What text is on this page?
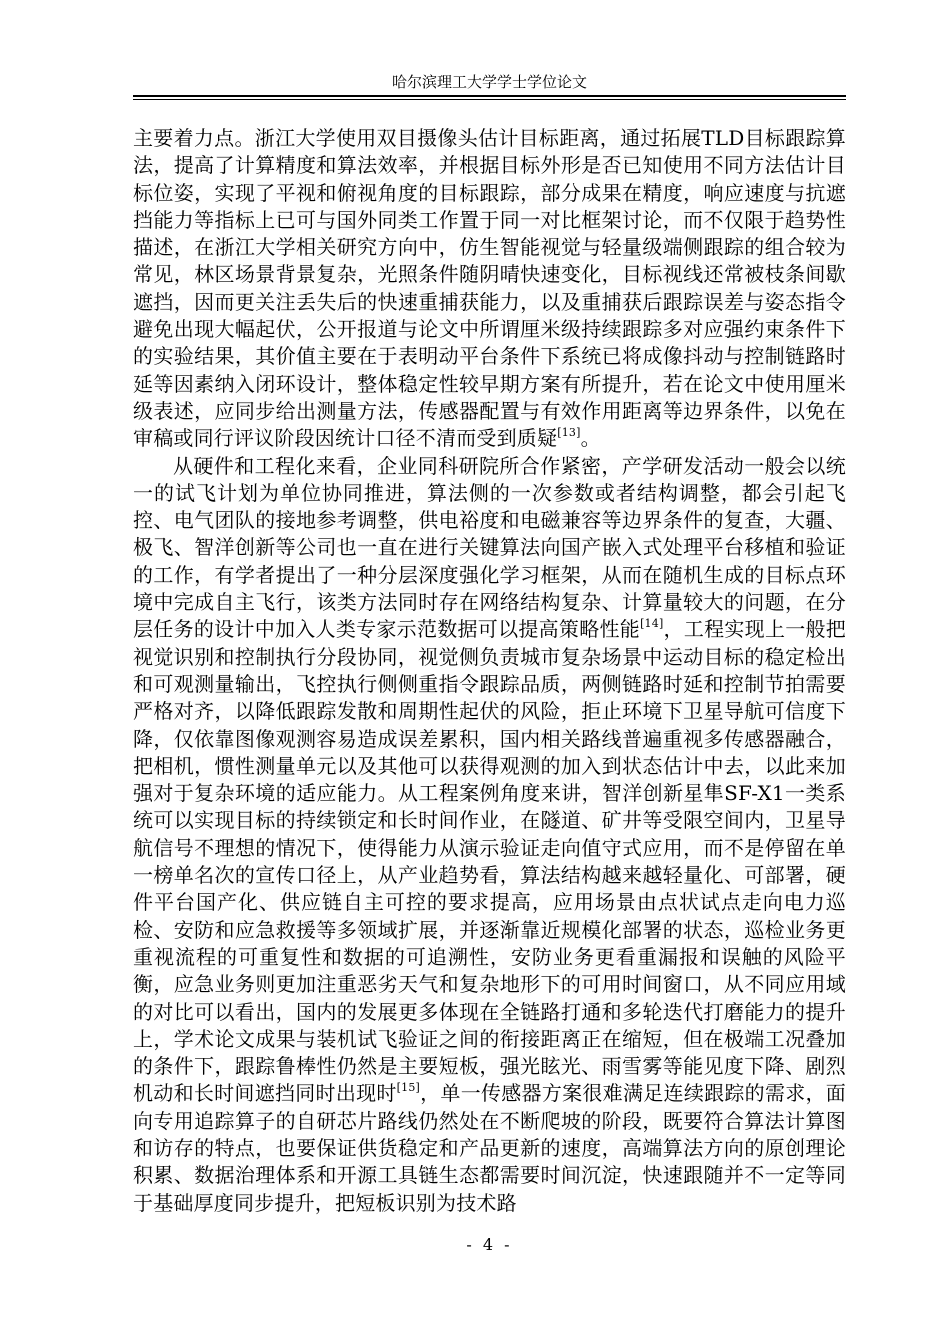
哈尔滨理工大学学士学位论文

主要着力点。浙江大学使用双目摄像头估计目标距离，通过拓展TLD目标跟踪算法，提高了计算精度和算法效率，并根据目标外形是否已知使用不同方法估计目标位姿，实现了平视和俯视角度的目标跟踪，部分成果在精度，响应速度与抗遮挡能力等指标上已可与国外同类工作置于同一对比框架讨论，而不仅限于趋势性描述，在浙江大学相关研究方向中，仿生智能视觉与轻量级端侧跟踪的组合较为常见，林区场景背景复杂，光照条件随阴晴快速变化，目标视线还常被枝条间歇遮挡，因而更关注丢失后的快速重捕获能力，以及重捕获后跟踪误差与姿态指令避免出现大幅起伏，公开报道与论文中所谓厘米级持续跟踪多对应强约束条件下的实验结果，其价值主要在于表明动平台条件下系统已将成像抖动与控制链路时延等因素纳入闭环设计，整体稳定性较早期方案有所提升，若在论文中使用厘米级表述，应同步给出测量方法，传感器配置与有效作用距离等边界条件，以免在审稿或同行评议阶段因统计口径不清而受到质疑[13]。

从硬件和工程化来看，企业同科研院所合作紧密，产学研发活动一般会以统一的试飞计划为单位协同推进，算法侧的一次参数或者结构调整，都会引起飞控、电气团队的接地参考调整，供电裕度和电磁兼容等边界条件的复查，大疆、极飞、智洋创新等公司也一直在进行关键算法向国产嵌入式处理平台移植和验证的工作，有学者提出了一种分层深度强化学习框架，从而在随机生成的目标点环境中完成自主飞行，该类方法同时存在网络结构复杂、计算量较大的问题，在分层任务的设计中加入人类专家示范数据可以提高策略性能[14]，工程实现上一般把视觉识别和控制执行分段协同，视觉侧负责城市复杂场景中运动目标的稳定检出和可观测量输出，飞控执行侧侧重指令跟踪品质，两侧链路时延和控制节拍需要严格对齐，以降低跟踪发散和周期性起伏的风险，拒止环境下卫星导航可信度下降，仅依靠图像观测容易造成误差累积，国内相关路线普遍重视多传感器融合，把相机，惯性测量单元以及其他可以获得观测的加入到状态估计中去，以此来加强对于复杂环境的适应能力。从工程案例角度来讲，智洋创新星隼SF-X1一类系统可以实现目标的持续锁定和长时间作业，在隧道、矿井等受限空间内，卫星导航信号不理想的情况下，使得能力从演示验证走向值守式应用，而不是停留在单一榜单名次的宣传口径上，从产业趋势看，算法结构越来越轻量化、可部署，硬件平台国产化、供应链自主可控的要求提高，应用场景由点状试点走向电力巡检、安防和应急救援等多领域扩展，并逐渐靠近规模化部署的状态，巡检业务更重视流程的可重复性和数据的可追溯性，安防业务更看重漏报和误触的风险平衡，应急业务则更加注重恶劣天气和复杂地形下的可用时间窗口，从不同应用域的对比可以看出，国内的发展更多体现在全链路打通和多轮迭代打磨能力的提升上，学术论文成果与装机试飞验证之间的衔接距离正在缩短，但在极端工况叠加的条件下，跟踪鲁棒性仍然是主要短板，强光眩光、雨雪雾等能见度下降、剧烈机动和长时间遮挡同时出现时[15]，单一传感器方案很难满足连续跟踪的需求，面向专用追踪算子的自研芯片路线仍然处在不断爬坡的阶段，既要符合算法计算图和访存的特点，也要保证供货稳定和产品更新的速度，高端算法方向的原创理论积累、数据治理体系和开源工具链生态都需要时间沉淀，快速跟随并不一定等同于基础厚度同步提升，把短板识别为技术路

- 4 -
